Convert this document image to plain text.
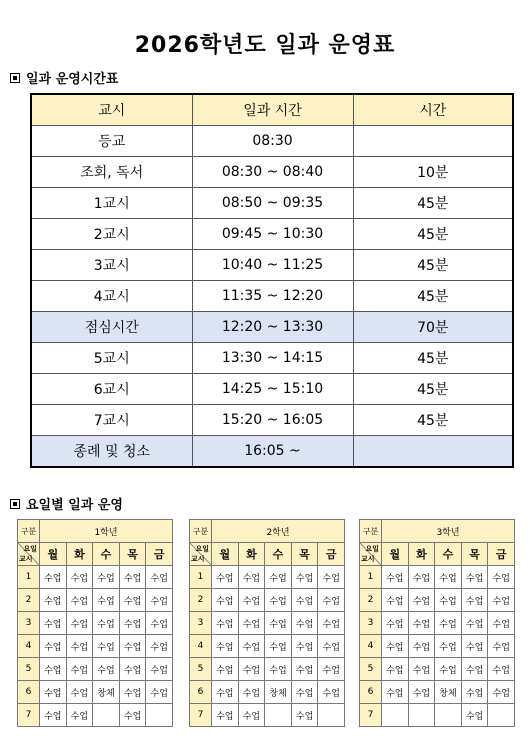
2026학년도 일과 운영표
일과 운영시간표
교시	일과 시간	시간
등교	08:30	
조회, 독서	08:30 ~ 08:40	10분
1교시	08:50 ~ 09:35	45분
2교시	09:45 ~ 10:30	45분
3교시	10:40 ~ 11:25	45분
4교시	11:35 ~ 12:20	45분
점심시간	12:20 ~ 13:30	70분
5교시	13:30 ~ 14:15	45분
6교시	14:25 ~ 15:10	45분
7교시	15:20 ~ 16:05	45분
종례 및 청소	16:05 ~	
요일별 일과 운영
구분	1학년				

요일
교시	월	화	수	목	금
1	수업	수업	수업	수업	수업
2	수업	수업	수업	수업	수업
3	수업	수업	수업	수업	수업
4	수업	수업	수업	수업	수업
5	수업	수업	수업	수업	수업
6	수업	수업	창체	수업	수업
7	수업	수업		수업	
구분	2학년				

요일
교시	월	화	수	목	금
1	수업	수업	수업	수업	수업
2	수업	수업	수업	수업	수업
3	수업	수업	수업	수업	수업
4	수업	수업	수업	수업	수업
5	수업	수업	수업	수업	수업
6	수업	수업	창체	수업	수업
7	수업	수업		수업	
구분	3학년				

요일
교시	월	화	수	목	금
1	수업	수업	수업	수업	수업
2	수업	수업	수업	수업	수업
3	수업	수업	수업	수업	수업
4	수업	수업	수업	수업	수업
5	수업	수업	수업	수업	수업
6	수업	수업	창체	수업	수업
7				수업	
